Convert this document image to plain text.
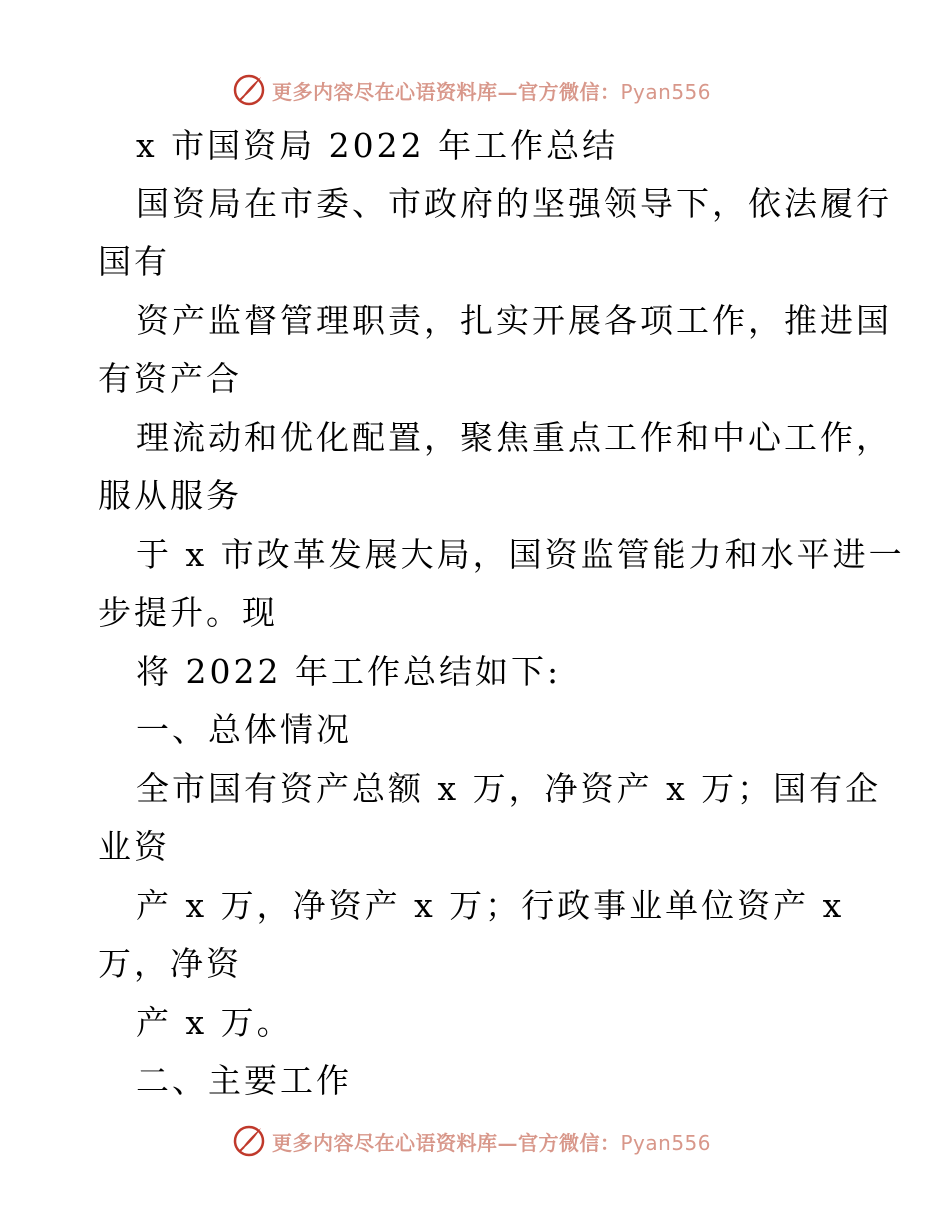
更多内容尽在心语资料库—官方微信：Pyan556
x 市国资局 2022 年工作总结
国资局在市委、市政府的坚强领导下，依法履行
国有
资产监督管理职责，扎实开展各项工作，推进国
有资产合
理流动和优化配置，聚焦重点工作和中心工作，
服从服务
于 x 市改革发展大局，国资监管能力和水平进一
步提升。现
将 2022 年工作总结如下:
一、总体情况
全市国有资产总额 x 万，净资产 x 万；国有企
业资
产 x 万，净资产 x 万；行政事业单位资产 x
万，净资
产 x 万。
二、主要工作
更多内容尽在心语资料库—官方微信：Pyan556
